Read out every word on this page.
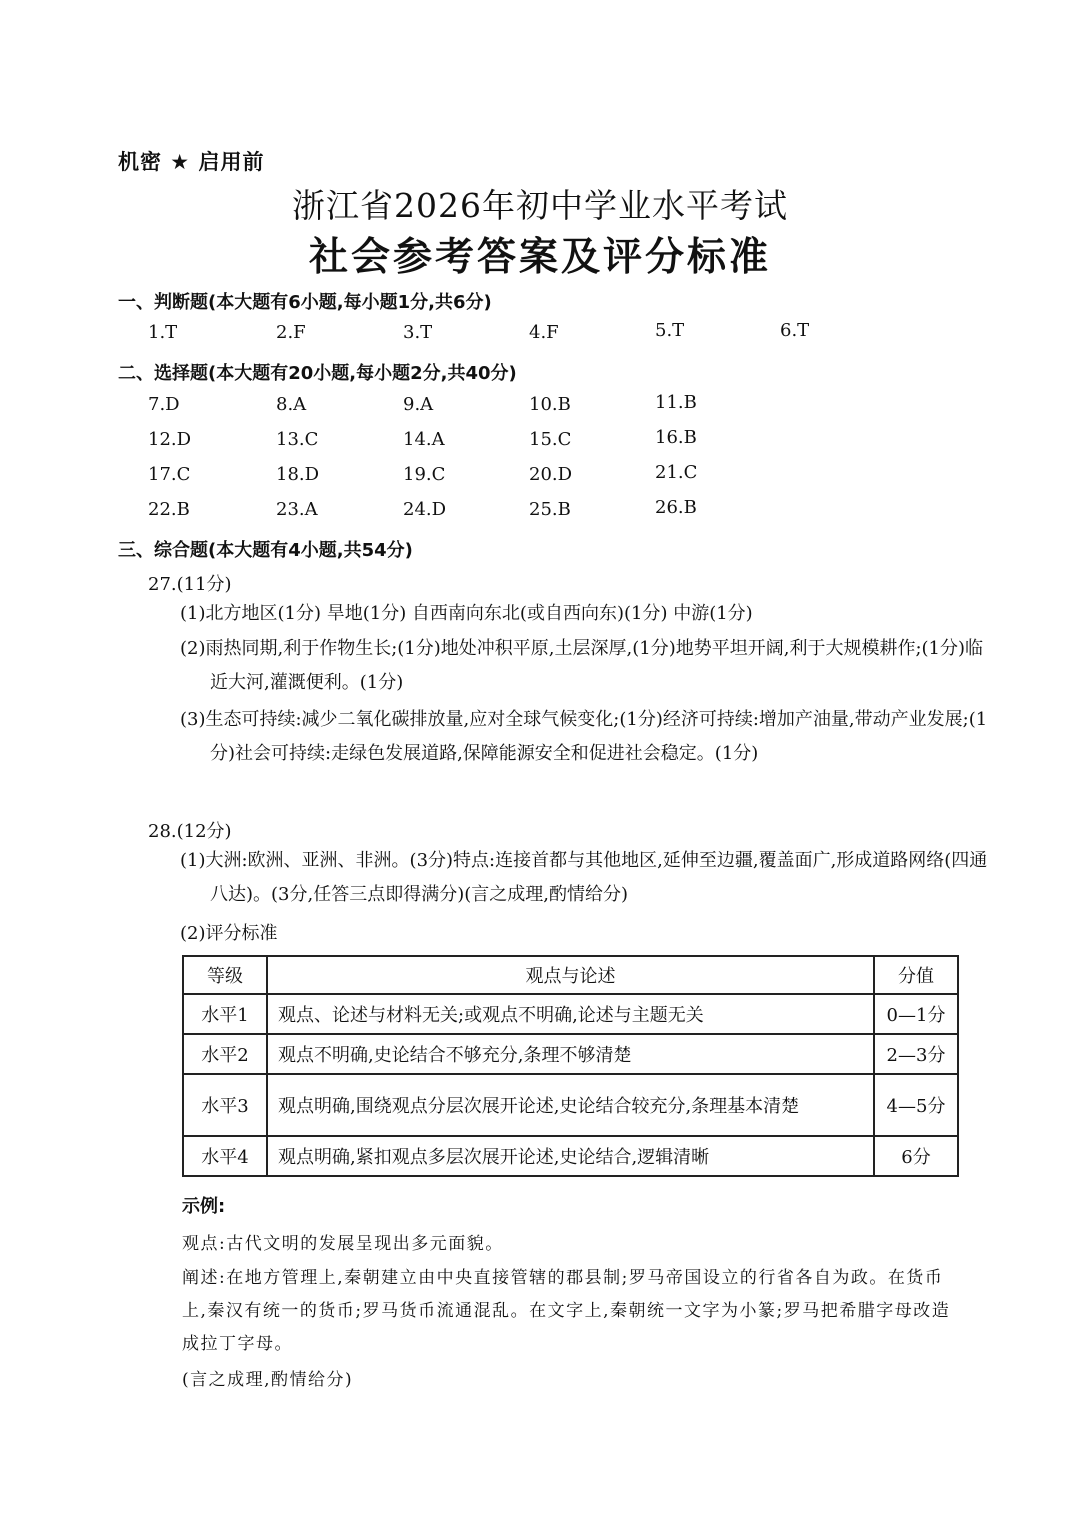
机密 ★ 启用前
浙江省2026年初中学业水平考试
社会参考答案及评分标准
一、判断题(本大题有6小题,每小题1分,共6分)
1.T	2.F	3.T	4.F	5.T	6.T
二、选择题(本大题有20小题,每小题2分,共40分)
7.D	8.A	9.A	10.B	11.B
12.D	13.C	14.A	15.C	16.B
17.C	18.D	19.C	20.D	21.C
22.B	23.A	24.D	25.B	26.B
三、综合题(本大题有4小题,共54分)
27.(11分)
(1)北方地区(1分) 旱地(1分) 自西南向东北(或自西向东)(1分) 中游(1分)
(2)雨热同期,利于作物生长;(1分)地处冲积平原,土层深厚,(1分)地势平坦开阔,利于大规模耕作;(1分)临近大河,灌溉便利。(1分)
(3)生态可持续:减少二氧化碳排放量,应对全球气候变化;(1分)经济可持续:增加产油量,带动产业发展;(1分)社会可持续:走绿色发展道路,保障能源安全和促进社会稳定。(1分)
28.(12分)
(1)大洲:欧洲、亚洲、非洲。(3分)特点:连接首都与其他地区,延伸至边疆,覆盖面广,形成道路网络(四通八达)。(3分,任答三点即得满分)(言之成理,酌情给分)
(2)评分标准
等级	观点与论述	分值
水平1	观点、论述与材料无关;或观点不明确,论述与主题无关	0—1分
水平2	观点不明确,史论结合不够充分,条理不够清楚	2—3分
水平3	观点明确,围绕观点分层次展开论述,史论结合较充分,条理基本清楚	4—5分
水平4	观点明确,紧扣观点多层次展开论述,史论结合,逻辑清晰	6分
示例:
观点:古代文明的发展呈现出多元面貌。
阐述:在地方管理上,秦朝建立由中央直接管辖的郡县制;罗马帝国设立的行省各自为政。在货币上,秦汉有统一的货币;罗马货币流通混乱。在文字上,秦朝统一文字为小篆;罗马把希腊字母改造成拉丁字母。
(言之成理,酌情给分)
